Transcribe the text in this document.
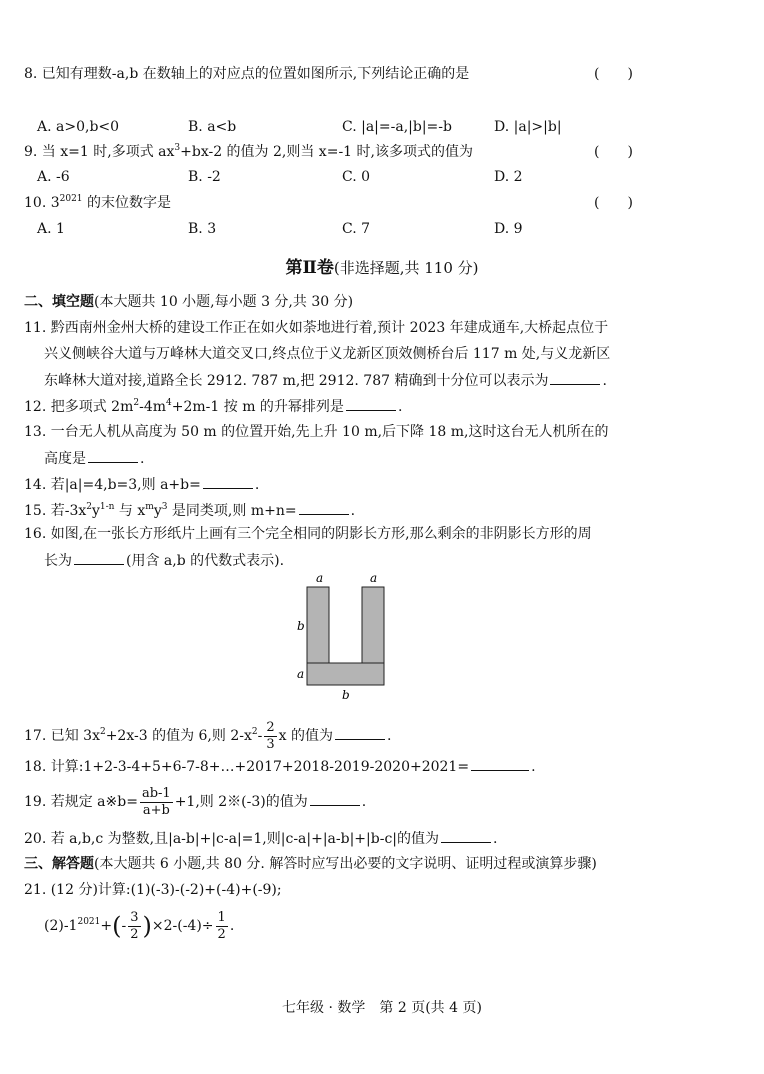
8. 已知有理数-a,b 在数轴上的对应点的位置如图所示,下列结论正确的是	(　　)
A. a>0,b<0	B. a<b	C. |a|=-a,|b|=-b	D. |a|>|b|
9. 当 x=1 时,多项式 $ax^3+bx-2$ 的值为 2,则当 x=-1 时,该多项式的值为	(　　)
A. -6	B. -2	C. 0	D. 2
10. $3^{2021}$ 的末位数字是	(　　)
A. 1	B. 3	C. 7	D. 9
第Ⅱ卷(非选择题,共 110 分)
二、填空题(本大题共 10 小题,每小题 3 分,共 30 分)
11. 黔西南州金州大桥的建设工作正在如火如荼地进行着,预计 2023 年建成通车,大桥起点位于
兴义侧峡谷大道与万峰林大道交叉口,终点位于义龙新区顶效侧桥台后 117 m 处,与义龙新区
东峰林大道对接,道路全长 2912. 787 m,把 2912. 787 精确到十分位可以表示为	.
12. 把多项式 $2m^2-4m^4+2m-1$ 按 m 的升幂排列是	.
13. 一台无人机从高度为 50 m 的位置开始,先上升 10 m,后下降 18 m,这时这台无人机所在的
高度是	.
14. 若|a|=4,b=3,则 a+b=	.
15. 若$-3x^2y^{1-n}$ 与 $x^my^3$ 是同类项,则 m+n=	.
16. 如图,在一张长方形纸片上画有三个完全相同的阴影长方形,那么剩余的非阴影长方形的周
长为	(用含 a,b 的代数式表示).
a	a
b
a
b
17. 已知 $3x^2+2x-3$ 的值为 6,则 $2-x^2- \frac{2}{3}$ x 的值为	.
18. 计算:1+2-3-4+5+6-7-8+…+2017+2018-2019-2020+2021=	.
19. 若规定 a※b= $\frac{ab-1}{a+b} +1$,则 2※(-3)的值为	.
20. 若 a,b,c 为整数,且|a-b|+|c-a|=1,则|c-a|+|a-b|+|b-c|的值为	.
三、解答题(本大题共 6 小题,共 80 分. 解答时应写出必要的文字说明、证明过程或演算步骤)
21. (12 分)计算:(1)(-3)-(-2)+(-4)+(-9);
$(2)-1^{2021}+(- \frac{3}{2} )\times 2-(-4)\div \frac{1}{2}$ .
七年级 · 数学　第 2 页(共 4 页)
